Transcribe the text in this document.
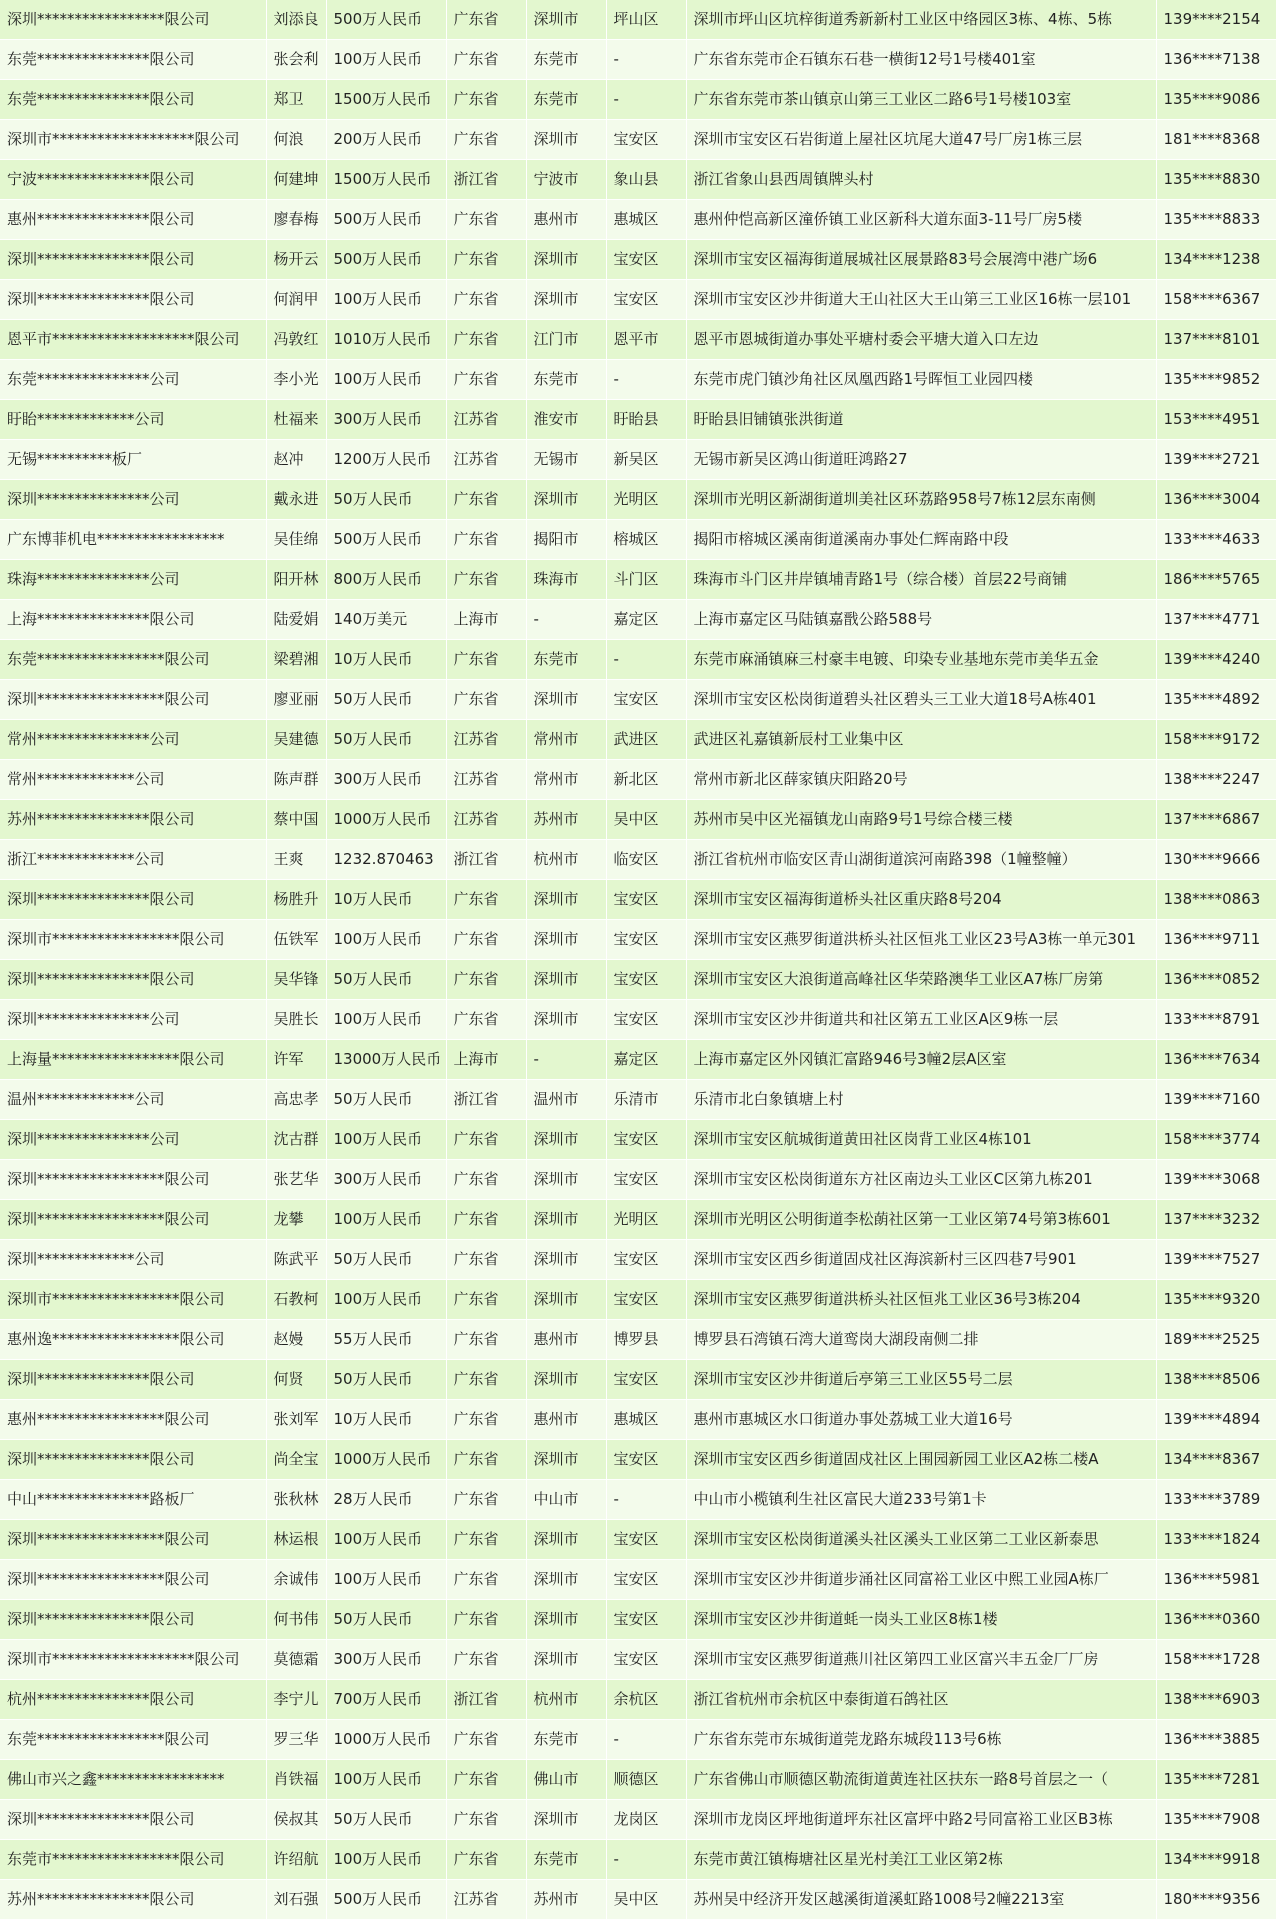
深圳*****************限公司	刘添良	500万人民币	广东省	深圳市	坪山区	深圳市坪山区坑梓街道秀新新村工业区中络园区3栋、4栋、5栋	139****2154
东莞***************限公司	张会利	100万人民币	广东省	东莞市	-	广东省东莞市企石镇东石巷一横街12号1号楼401室	136****7138
东莞***************限公司	郑卫	1500万人民币	广东省	东莞市	-	广东省东莞市茶山镇京山第三工业区二路6号1号楼103室	135****9086
深圳市*******************限公司	何浪	200万人民币	广东省	深圳市	宝安区	深圳市宝安区石岩街道上屋社区坑尾大道47号厂房1栋三层	181****8368
宁波***************限公司	何建坤	1500万人民币	浙江省	宁波市	象山县	浙江省象山县西周镇牌头村	135****8830
惠州***************限公司	廖春梅	500万人民币	广东省	惠州市	惠城区	惠州仲恺高新区潼侨镇工业区新科大道东面3-11号厂房5楼	135****8833
深圳***************限公司	杨开云	500万人民币	广东省	深圳市	宝安区	深圳市宝安区福海街道展城社区展景路83号会展湾中港广场6	134****1238
深圳***************限公司	何润甲	100万人民币	广东省	深圳市	宝安区	深圳市宝安区沙井街道大王山社区大王山第三工业区16栋一层101	158****6367
恩平市*******************限公司	冯敦红	1010万人民币	广东省	江门市	恩平市	恩平市恩城街道办事处平塘村委会平塘大道入口左边	137****8101
东莞***************公司	李小光	100万人民币	广东省	东莞市	-	东莞市虎门镇沙角社区凤凰西路1号晖恒工业园四楼	135****9852
盱眙*************公司	杜福来	300万人民币	江苏省	淮安市	盱眙县	盱眙县旧铺镇张洪街道	153****4951
无锡**********板厂	赵冲	1200万人民币	江苏省	无锡市	新吴区	无锡市新吴区鸿山街道旺鸿路27	139****2721
深圳***************公司	戴永进	50万人民币	广东省	深圳市	光明区	深圳市光明区新湖街道圳美社区环荔路958号7栋12层东南侧	136****3004
广东博菲机电*****************	吴佳绵	500万人民币	广东省	揭阳市	榕城区	揭阳市榕城区溪南街道溪南办事处仁辉南路中段	133****4633
珠海***************公司	阳开林	800万人民币	广东省	珠海市	斗门区	珠海市斗门区井岸镇埔青路1号（综合楼）首层22号商铺	186****5765
上海***************限公司	陆爱娟	140万美元	上海市	-	嘉定区	上海市嘉定区马陆镇嘉戬公路588号	137****4771
东莞*****************限公司	梁碧湘	10万人民币	广东省	东莞市	-	东莞市麻涌镇麻三村豪丰电镀、印染专业基地东莞市美华五金	139****4240
深圳*****************限公司	廖亚丽	50万人民币	广东省	深圳市	宝安区	深圳市宝安区松岗街道碧头社区碧头三工业大道18号A栋401	135****4892
常州***************公司	吴建德	50万人民币	江苏省	常州市	武进区	武进区礼嘉镇新辰村工业集中区	158****9172
常州*************公司	陈声群	300万人民币	江苏省	常州市	新北区	常州市新北区薛家镇庆阳路20号	138****2247
苏州***************限公司	蔡中国	1000万人民币	江苏省	苏州市	吴中区	苏州市吴中区光福镇龙山南路9号1号综合楼三楼	137****6867
浙江*************公司	王爽	1232.870463	浙江省	杭州市	临安区	浙江省杭州市临安区青山湖街道滨河南路398（1幢整幢）	130****9666
深圳***************限公司	杨胜升	10万人民币	广东省	深圳市	宝安区	深圳市宝安区福海街道桥头社区重庆路8号204	138****0863
深圳市*****************限公司	伍铁军	100万人民币	广东省	深圳市	宝安区	深圳市宝安区燕罗街道洪桥头社区恒兆工业区23号A3栋一单元301	136****9711
深圳***************限公司	吴华锋	50万人民币	广东省	深圳市	宝安区	深圳市宝安区大浪街道高峰社区华荣路澳华工业区A7栋厂房第	136****0852
深圳***************公司	吴胜长	100万人民币	广东省	深圳市	宝安区	深圳市宝安区沙井街道共和社区第五工业区A区9栋一层	133****8791
上海量*****************限公司	许军	13000万人民币	上海市	-	嘉定区	上海市嘉定区外冈镇汇富路946号3幢2层A区室	136****7634
温州*************公司	高忠孝	50万人民币	浙江省	温州市	乐清市	乐清市北白象镇塘上村	139****7160
深圳***************公司	沈古群	100万人民币	广东省	深圳市	宝安区	深圳市宝安区航城街道黄田社区岗背工业区4栋101	158****3774
深圳*****************限公司	张艺华	300万人民币	广东省	深圳市	宝安区	深圳市宝安区松岗街道东方社区南边头工业区C区第九栋201	139****3068
深圳*****************限公司	龙攀	100万人民币	广东省	深圳市	光明区	深圳市光明区公明街道李松蓢社区第一工业区第74号第3栋601	137****3232
深圳*************公司	陈武平	50万人民币	广东省	深圳市	宝安区	深圳市宝安区西乡街道固戍社区海滨新村三区四巷7号901	139****7527
深圳市*****************限公司	石教柯	100万人民币	广东省	深圳市	宝安区	深圳市宝安区燕罗街道洪桥头社区恒兆工业区36号3栋204	135****9320
惠州逸*****************限公司	赵嫚	55万人民币	广东省	惠州市	博罗县	博罗县石湾镇石湾大道鸾岗大湖段南侧二排	189****2525
深圳***************限公司	何贤	50万人民币	广东省	深圳市	宝安区	深圳市宝安区沙井街道后亭第三工业区55号二层	138****8506
惠州*****************限公司	张刘军	10万人民币	广东省	惠州市	惠城区	惠州市惠城区水口街道办事处荔城工业大道16号	139****4894
深圳***************限公司	尚全宝	1000万人民币	广东省	深圳市	宝安区	深圳市宝安区西乡街道固戍社区上围园新园工业区A2栋二楼A	134****8367
中山***************路板厂	张秋林	28万人民币	广东省	中山市	-	中山市小榄镇利生社区富民大道233号第1卡	133****3789
深圳*****************限公司	林运根	100万人民币	广东省	深圳市	宝安区	深圳市宝安区松岗街道溪头社区溪头工业区第二工业区新泰思	133****1824
深圳*****************限公司	余诚伟	100万人民币	广东省	深圳市	宝安区	深圳市宝安区沙井街道步涌社区同富裕工业区中熙工业园A栋厂	136****5981
深圳***************限公司	何书伟	50万人民币	广东省	深圳市	宝安区	深圳市宝安区沙井街道蚝一岗头工业区8栋1楼	136****0360
深圳市*******************限公司	莫德霜	300万人民币	广东省	深圳市	宝安区	深圳市宝安区燕罗街道燕川社区第四工业区富兴丰五金厂厂房	158****1728
杭州***************限公司	李宁儿	700万人民币	浙江省	杭州市	余杭区	浙江省杭州市余杭区中泰街道石鸽社区	138****6903
东莞*****************限公司	罗三华	1000万人民币	广东省	东莞市	-	广东省东莞市东城街道莞龙路东城段113号6栋	136****3885
佛山市兴之鑫*****************	肖铁福	100万人民币	广东省	佛山市	顺德区	广东省佛山市顺德区勒流街道黄连社区扶东一路8号首层之一（	135****7281
深圳***************限公司	侯叔其	50万人民币	广东省	深圳市	龙岗区	深圳市龙岗区坪地街道坪东社区富坪中路2号同富裕工业区B3栋	135****7908
东莞市*****************限公司	许绍航	100万人民币	广东省	东莞市	-	东莞市黄江镇梅塘社区星光村美江工业区第2栋	134****9918
苏州***************限公司	刘石强	500万人民币	江苏省	苏州市	吴中区	苏州吴中经济开发区越溪街道溪虹路1008号2幢2213室	180****9356
